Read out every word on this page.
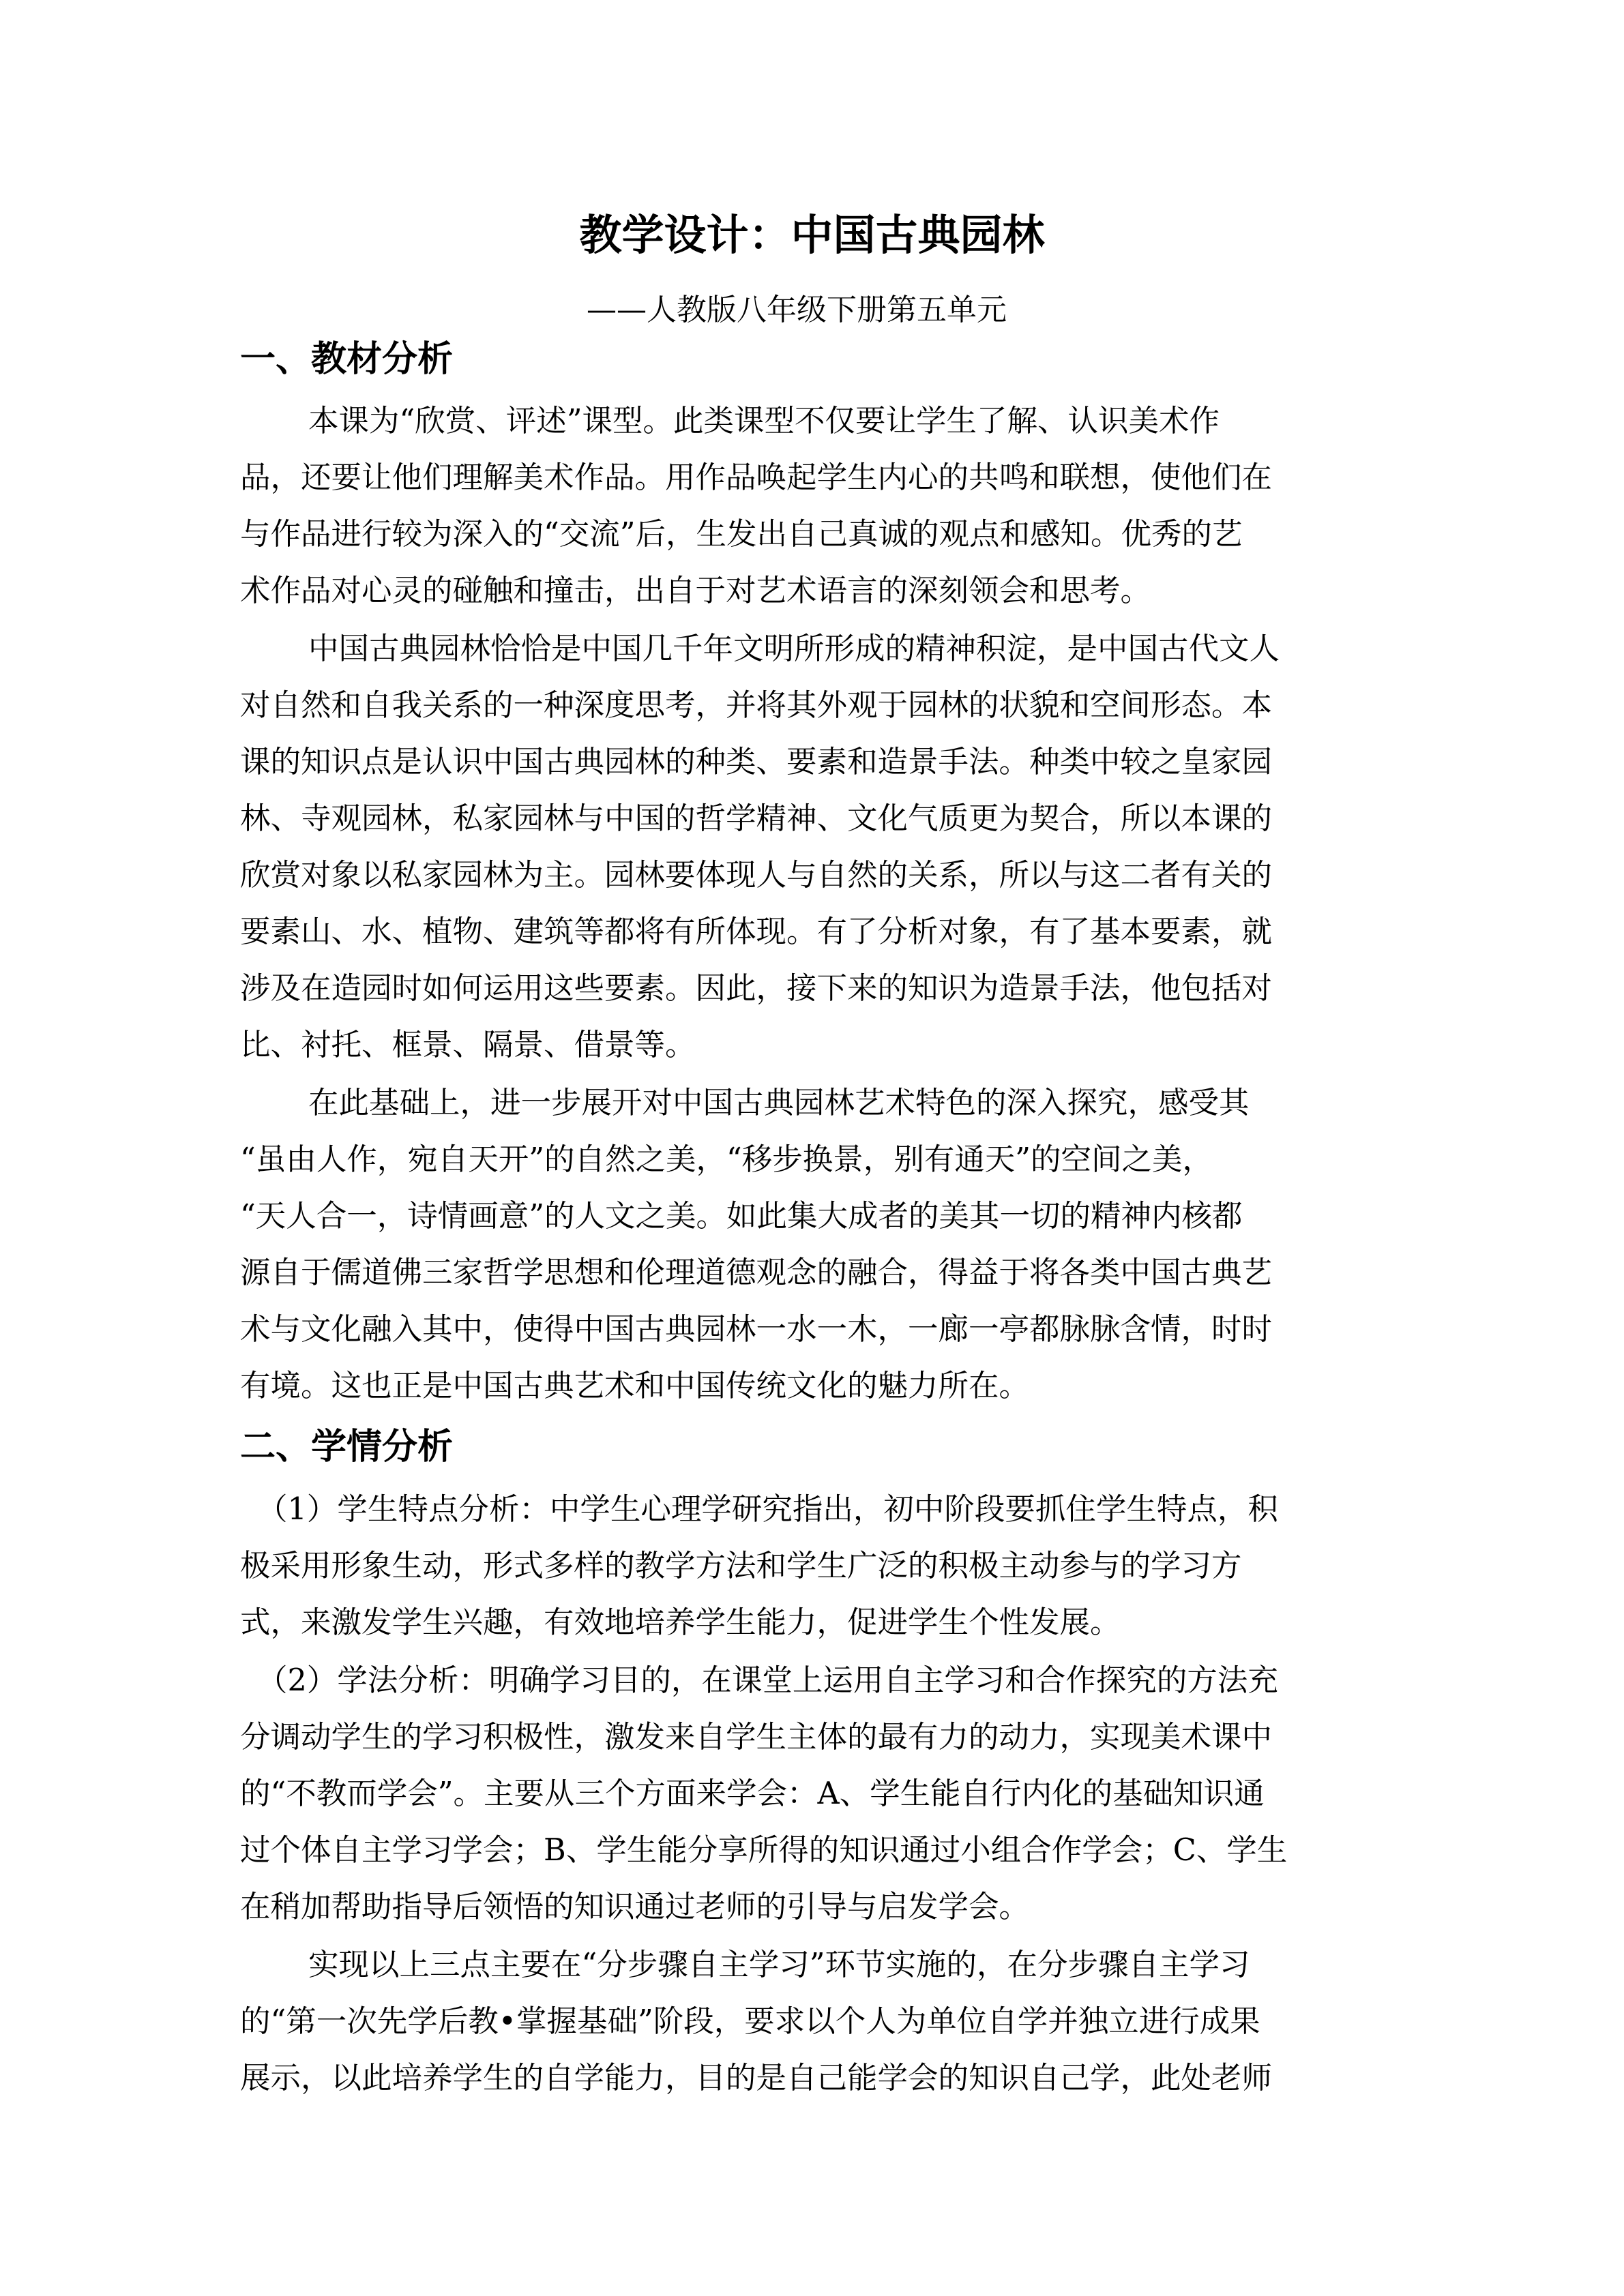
教学设计：中国古典园林
——人教版八年级下册第五单元
一、教材分析
本课为“欣赏、评述”课型。此类课型不仅要让学生了解、认识美术作
品，还要让他们理解美术作品。用作品唤起学生内心的共鸣和联想，使他们在
与作品进行较为深入的“交流”后，生发出自己真诚的观点和感知。优秀的艺
术作品对心灵的碰触和撞击，出自于对艺术语言的深刻领会和思考。
中国古典园林恰恰是中国几千年文明所形成的精神积淀，是中国古代文人
对自然和自我关系的一种深度思考，并将其外观于园林的状貌和空间形态。本
课的知识点是认识中国古典园林的种类、要素和造景手法。种类中较之皇家园
林、寺观园林，私家园林与中国的哲学精神、文化气质更为契合，所以本课的
欣赏对象以私家园林为主。园林要体现人与自然的关系，所以与这二者有关的
要素山、水、植物、建筑等都将有所体现。有了分析对象，有了基本要素，就
涉及在造园时如何运用这些要素。因此，接下来的知识为造景手法，他包括对
比、衬托、框景、隔景、借景等。
在此基础上，进一步展开对中国古典园林艺术特色的深入探究，感受其
“虽由人作，宛自天开”的自然之美，“移步换景，别有通天”的空间之美，
“天人合一，诗情画意”的人文之美。如此集大成者的美其一切的精神内核都
源自于儒道佛三家哲学思想和伦理道德观念的融合，得益于将各类中国古典艺
术与文化融入其中，使得中国古典园林一水一木，一廊一亭都脉脉含情，时时
有境。这也正是中国古典艺术和中国传统文化的魅力所在。
二、学情分析
（1）学生特点分析：中学生心理学研究指出，初中阶段要抓住学生特点，积
极采用形象生动，形式多样的教学方法和学生广泛的积极主动参与的学习方
式，来激发学生兴趣，有效地培养学生能力，促进学生个性发展。
（2）学法分析：明确学习目的，在课堂上运用自主学习和合作探究的方法充
分调动学生的学习积极性，激发来自学生主体的最有力的动力，实现美术课中
的“不教而学会”。主要从三个方面来学会：A、学生能自行内化的基础知识通
过个体自主学习学会；B、学生能分享所得的知识通过小组合作学会；C、学生
在稍加帮助指导后领悟的知识通过老师的引导与启发学会。
实现以上三点主要在“分步骤自主学习”环节实施的，在分步骤自主学习
的“第一次先学后教•掌握基础”阶段，要求以个人为单位自学并独立进行成果
展示，以此培养学生的自学能力，目的是自己能学会的知识自己学，此处老师
